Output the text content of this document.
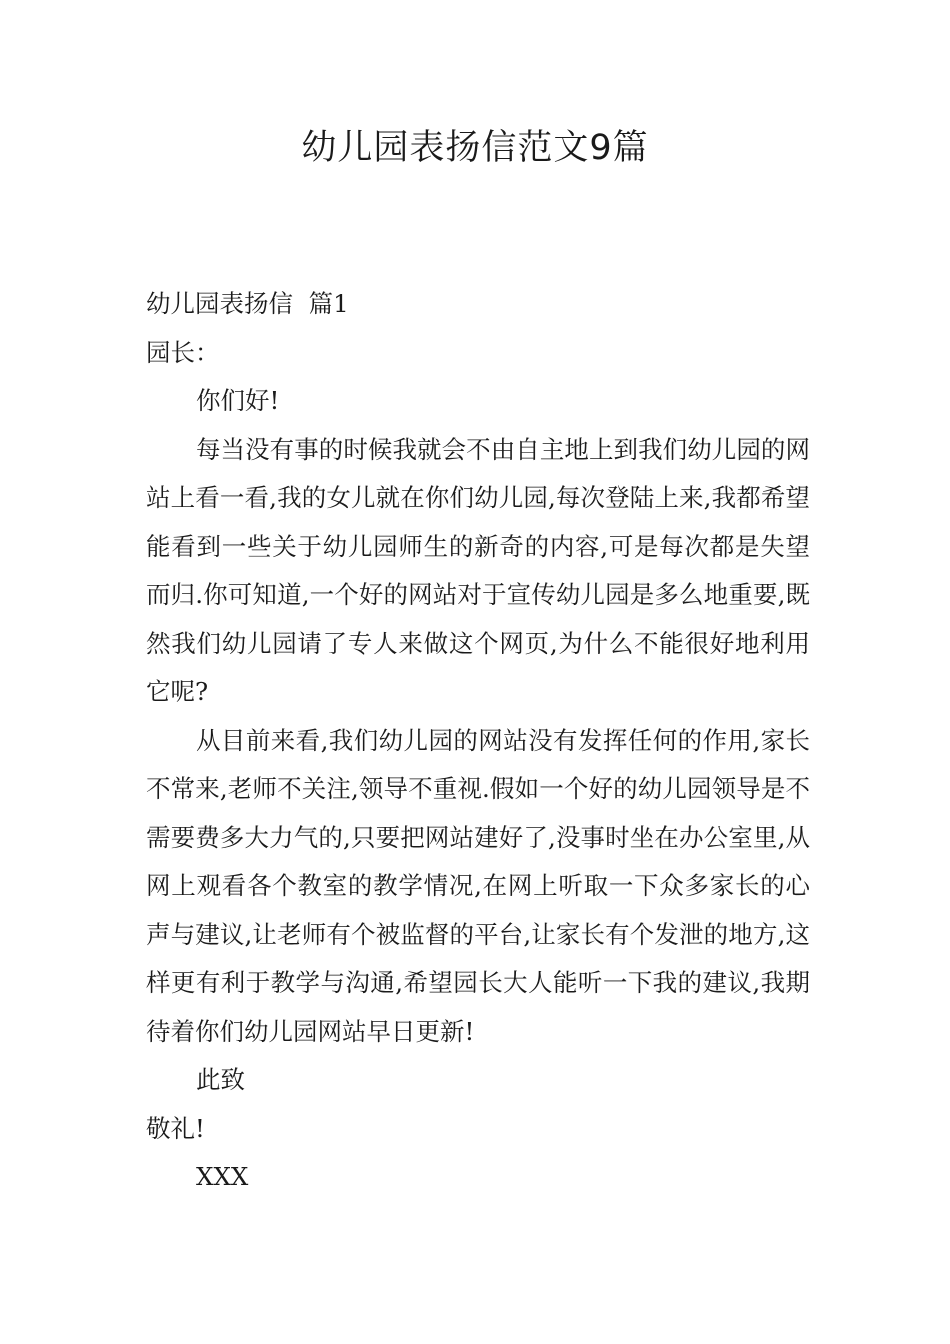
幼儿园表扬信范文9篇

幼儿园表扬信  篇1

园长：

你们好!

每当没有事的时候我就会不由自主地上到我们幼儿园的网站上看一看,我的女儿就在你们幼儿园,每次登陆上来,我都希望能看到一些关于幼儿园师生的新奇的内容,可是每次都是失望而归.你可知道,一个好的网站对于宣传幼儿园是多么地重要,既然我们幼儿园请了专人来做这个网页,为什么不能很好地利用它呢?

从目前来看,我们幼儿园的网站没有发挥任何的作用,家长不常来,老师不关注,领导不重视.假如一个好的幼儿园领导是不需要费多大力气的,只要把网站建好了,没事时坐在办公室里,从网上观看各个教室的教学情况,在网上听取一下众多家长的心声与建议,让老师有个被监督的平台,让家长有个发泄的地方,这样更有利于教学与沟通,希望园长大人能听一下我的建议,我期待着你们幼儿园网站早日更新!

此致

敬礼!

XXX
